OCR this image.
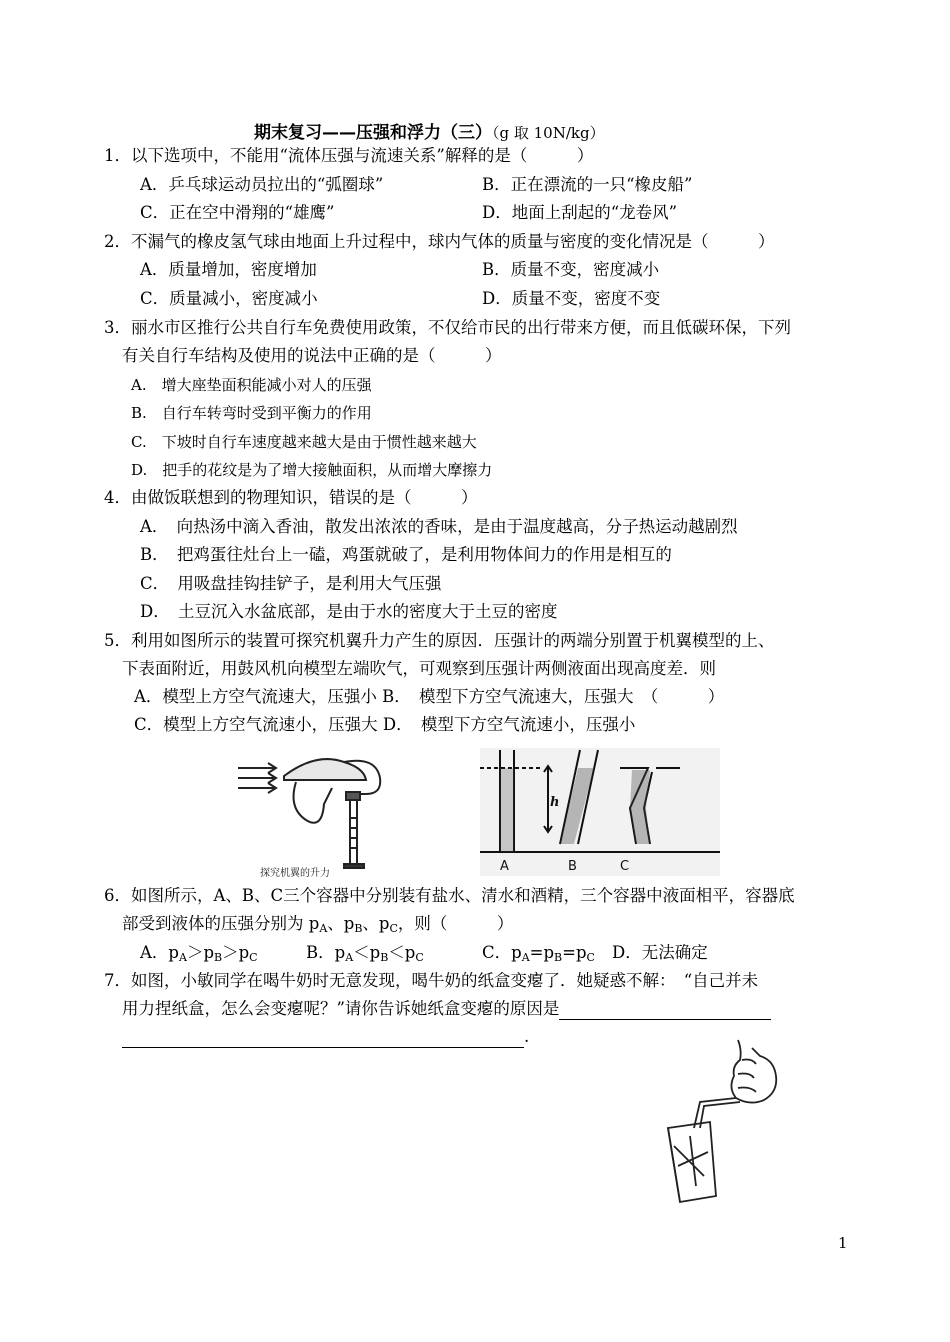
期末复习——压强和浮力（三）（g 取 10N/kg）
1．以下选项中，不能用“流体压强与流速关系”解释的是（　　　）
A．乒乓球运动员拉出的“弧圈球”	B．正在漂流的一只“橡皮船”
C．正在空中滑翔的“雄鹰”	D．地面上刮起的“龙卷风”
2．不漏气的橡皮氢气球由地面上升过程中，球内气体的质量与密度的变化情况是（　　　）
A．质量增加，密度增加	B．质量不变，密度减小
C．质量减小，密度减小	D．质量不变，密度不变
3．丽水市区推行公共自行车免费使用政策，不仅给市民的出行带来方便，而且低碳环保，下列
有关自行车结构及使用的说法中正确的是（　　　）
A.　增大座垫面积能减小对人的压强
B.　自行车转弯时受到平衡力的作用
C.　下坡时自行车速度越来越大是由于惯性越来越大
D.　把手的花纹是为了增大接触面积，从而增大摩擦力
4．由做饭联想到的物理知识，错误的是（　　　）
A．　向热汤中滴入香油，散发出浓浓的香味，是由于温度越高，分子热运动越剧烈
B．　把鸡蛋往灶台上一磕，鸡蛋就破了，是利用物体间力的作用是相互的
C．　用吸盘挂钩挂铲子，是利用大气压强
D．　土豆沉入水盆底部，是由于水的密度大于土豆的密度
5．利用如图所示的装置可探究机翼升力产生的原因．压强计的两端分别置于机翼模型的上、
下表面附近，用鼓风机向模型左端吹气，可观察到压强计两侧液面出现高度差．则
A．模型上方空气流速大，压强小 B．　模型下方空气流速大，压强大　（　　　）
C．模型上方空气流速小，压强大 D．　模型下方空气流速小，压强小
探究机翼的升力
h
A	B	C
6．如图所示，A、B、C三个容器中分别装有盐水、清水和酒精，三个容器中液面相平，容器底
部受到液体的压强分别为 $p_A$、$p_B$、$p_C$，则（　　　）
A．$p_A>p_B>p_C$	B．$p_A<p_B<p_C$	C．$p_A=p_B=p_C$ D．无法确定
7．如图，小敏同学在喝牛奶时无意发现，喝牛奶的纸盒变瘪了．她疑惑不解：　“自己并未
用力捏纸盒，怎么会变瘪呢？”请你告诉她纸盒变瘪的原因是
.
1
